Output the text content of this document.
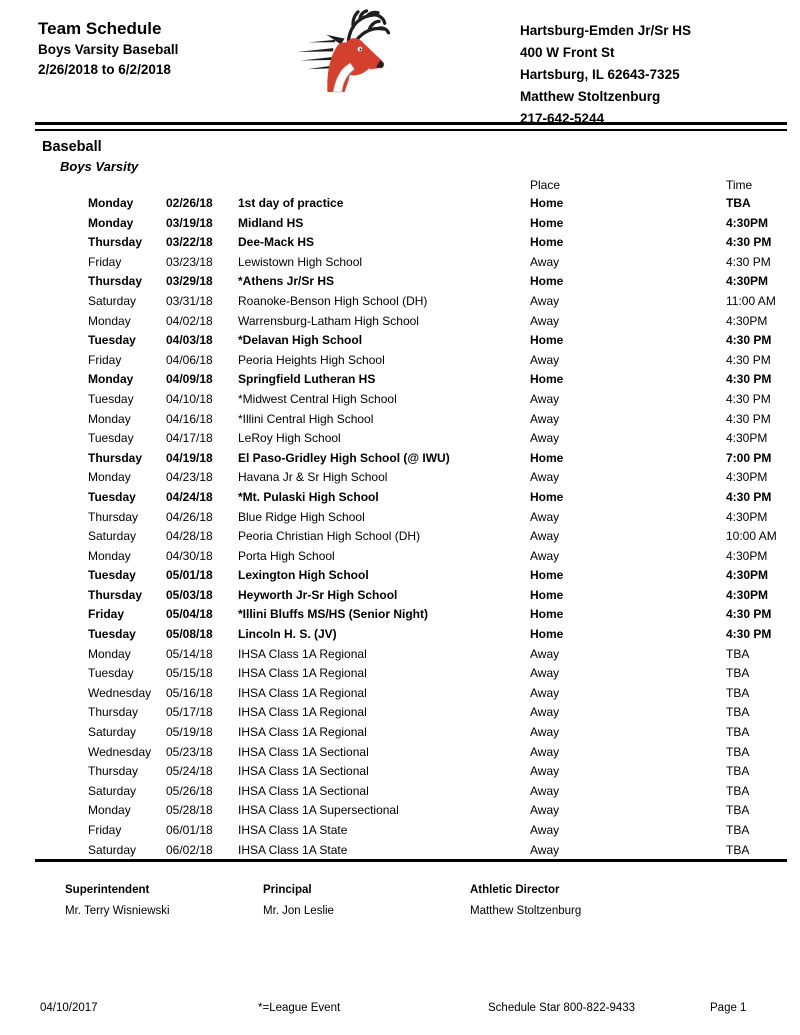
Team Schedule
Boys Varsity Baseball
2/26/2018 to 6/2/2018
Hartsburg-Emden Jr/Sr HS
400 W Front St
Hartsburg, IL 62643-7325
Matthew Stoltzenburg
217-642-5244
Baseball
Boys Varsity
Place	Time
Monday	02/26/18	1st day of practice	Home	TBA
Monday	03/19/18	Midland HS	Home	4:30PM
Thursday	03/22/18	Dee-Mack HS	Home	4:30 PM
Friday	03/23/18	Lewistown High School	Away	4:30 PM
Thursday	03/29/18	*Athens Jr/Sr HS	Home	4:30PM
Saturday	03/31/18	Roanoke-Benson High School (DH)	Away	11:00 AM
Monday	04/02/18	Warrensburg-Latham High School	Away	4:30PM
Tuesday	04/03/18	*Delavan High School	Home	4:30 PM
Friday	04/06/18	Peoria Heights High School	Away	4:30 PM
Monday	04/09/18	Springfield Lutheran HS	Home	4:30 PM
Tuesday	04/10/18	*Midwest Central High School	Away	4:30 PM
Monday	04/16/18	*Illini Central High School	Away	4:30 PM
Tuesday	04/17/18	LeRoy High School	Away	4:30PM
Thursday	04/19/18	El Paso-Gridley High School (@ IWU)	Home	7:00 PM
Monday	04/23/18	Havana Jr & Sr High School	Away	4:30PM
Tuesday	04/24/18	*Mt. Pulaski High School	Home	4:30 PM
Thursday	04/26/18	Blue Ridge High School	Away	4:30PM
Saturday	04/28/18	Peoria Christian High School (DH)	Away	10:00 AM
Monday	04/30/18	Porta High School	Away	4:30PM
Tuesday	05/01/18	Lexington High School	Home	4:30PM
Thursday	05/03/18	Heyworth Jr-Sr High School	Home	4:30PM
Friday	05/04/18	*Illini Bluffs MS/HS (Senior Night)	Home	4:30 PM
Tuesday	05/08/18	Lincoln H. S. (JV)	Home	4:30 PM
Monday	05/14/18	IHSA Class 1A Regional	Away	TBA
Tuesday	05/15/18	IHSA Class 1A Regional	Away	TBA
Wednesday	05/16/18	IHSA Class 1A Regional	Away	TBA
Thursday	05/17/18	IHSA Class 1A Regional	Away	TBA
Saturday	05/19/18	IHSA Class 1A Regional	Away	TBA
Wednesday	05/23/18	IHSA Class 1A Sectional	Away	TBA
Thursday	05/24/18	IHSA Class 1A Sectional	Away	TBA
Saturday	05/26/18	IHSA Class 1A Sectional	Away	TBA
Monday	05/28/18	IHSA Class 1A Supersectional	Away	TBA
Friday	06/01/18	IHSA Class 1A State	Away	TBA
Saturday	06/02/18	IHSA Class 1A State	Away	TBA
Superintendent
Mr. Terry Wisniewski
Principal
Mr. Jon Leslie
Athletic Director
Matthew Stoltzenburg
04/10/2017	*=League Event	Schedule Star 800-822-9433	Page 1
